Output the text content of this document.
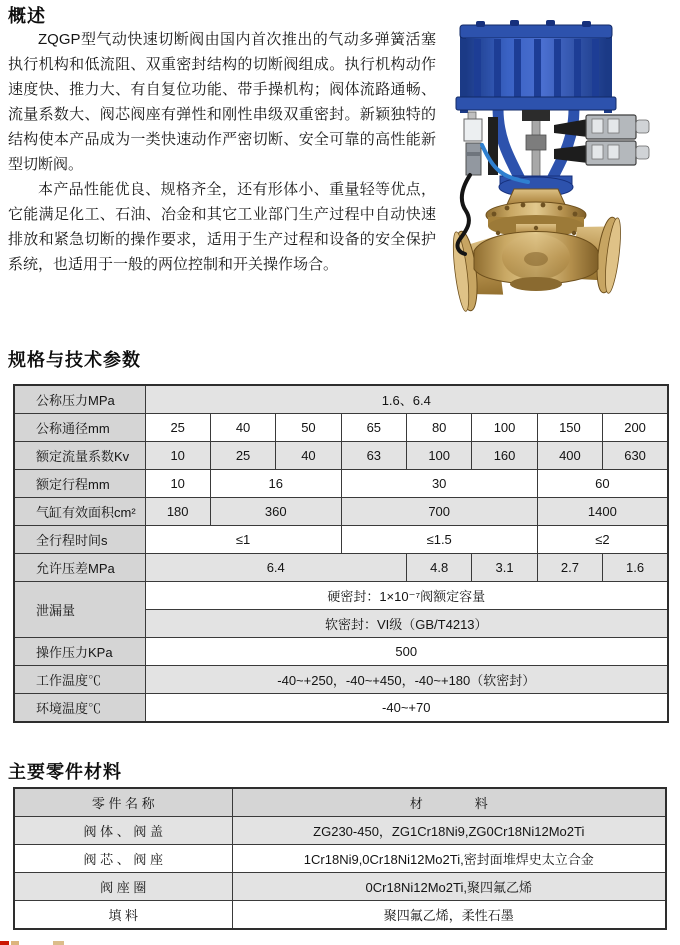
概述

ZQGP型气动快速切断阀由国内首次推出的气动多弹簧活塞执行机构和低流阻、双重密封结构的切断阀组成。执行机构动作速度快、推力大、有自复位功能、带手操机构；阀体流路通畅、流量系数大、阀芯阀座有弹性和刚性串级双重密封。新颖独特的结构使本产品成为一类快速动作严密切断、安全可靠的高性能新型切断阀。

本产品性能优良、规格齐全，还有形体小、重量轻等优点，它能满足化工、石油、冶金和其它工业部门生产过程中自动快速排放和紧急切断的操作要求，适用于生产过程和设备的安全保护系统，也适用于一般的两位控制和开关操作场合。

规格与技术参数
公称压力MPa	1.6、6.4							
公称通径mm	25	40	50	65	80	100	150	200
额定流量系数Kv	10	25	40	63	100	160	400	630
额定行程mm	10	16		30			60	
气缸有效面积cm²	180	360		700			1400	
全行程时间s	≤1			≤1.5			≤2	
允许压差MPa	6.4				4.8	3.1	2.7	1.6
泄漏量	硬密封：1×10⁻⁷阀额定容量							
	软密封：VI级（GB/T4213）							
操作压力KPa	500							
工作温度℃	-40~+250，-40~+450，-40~+180（软密封）							
环境温度℃	-40~+70							
主要零件材料
零 件 名 称	材　　　　料
阀 体 、 阀 盖	ZG230-450，ZG1Cr18Ni9,ZG0Cr18Ni12Mo2Ti
阀 芯 、 阀 座	1Cr18Ni9,0Cr18Ni12Mo2Ti,密封面堆焊史太立合金
阀 座 圈	0Cr18Ni12Mo2Ti,聚四氟乙烯
填 料	聚四氟乙烯，柔性石墨
